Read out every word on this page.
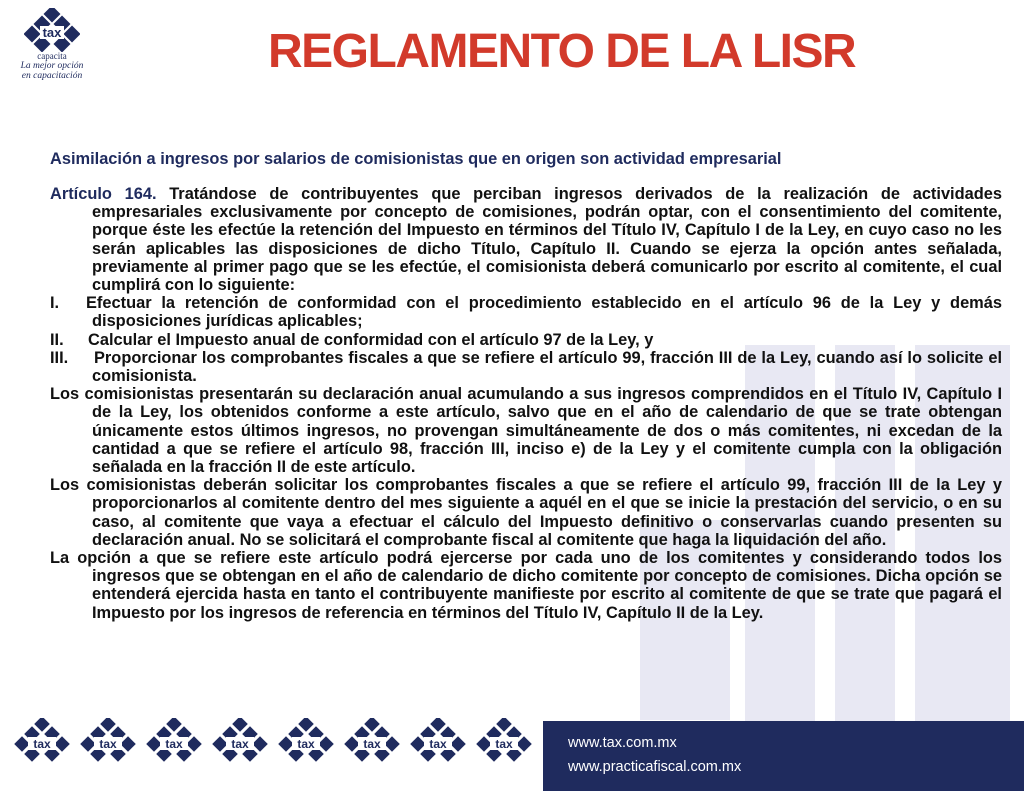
tax
capacita
La mejor opción
en capacitación	REGLAMENTO DE LA LISR

Asimilación a ingresos por salarios de comisionistas que en origen son actividad empresarial

Artículo 164. Tratándose de contribuyentes que perciban ingresos derivados de la realización de actividades empresariales exclusivamente por concepto de comisiones, podrán optar, con el consentimiento del comitente, porque éste les efectúe la retención del Impuesto en términos del Título IV, Capítulo I de la Ley, en cuyo caso no les serán aplicables las disposiciones de dicho Título, Capítulo II. Cuando se ejerza la opción antes señalada, previamente al primer pago que se les efectúe, el comisionista deberá comunicarlo por escrito al comitente, el cual cumplirá con lo siguiente:

I. Efectuar la retención de conformidad con el procedimiento establecido en el artículo 96 de la Ley y demás disposiciones jurídicas aplicables;

II. Calcular el Impuesto anual de conformidad con el artículo 97 de la Ley, y

III. Proporcionar los comprobantes fiscales a que se refiere el artículo 99, fracción III de la Ley, cuando así lo solicite el comisionista.

Los comisionistas presentarán su declaración anual acumulando a sus ingresos comprendidos en el Título IV, Capítulo I de la Ley, los obtenidos conforme a este artículo, salvo que en el año de calendario de que se trate obtengan únicamente estos últimos ingresos, no provengan simultáneamente de dos o más comitentes, ni excedan de la cantidad a que se refiere el artículo 98, fracción III, inciso e) de la Ley y el comitente cumpla con la obligación señalada en la fracción II de este artículo.

Los comisionistas deberán solicitar los comprobantes fiscales a que se refiere el artículo 99, fracción III de la Ley y proporcionarlos al comitente dentro del mes siguiente a aquél en el que se inicie la prestación del servicio, o en su caso, al comitente que vaya a efectuar el cálculo del Impuesto definitivo o conservarlas cuando presenten su declaración anual. No se solicitará el comprobante fiscal al comitente que haga la liquidación del año.

La opción a que se refiere este artículo podrá ejercerse por cada uno de los comitentes y considerando todos los ingresos que se obtengan en el año de calendario de dicho comitente por concepto de comisiones. Dicha opción se entenderá ejercida hasta en tanto el contribuyente manifieste por escrito al comitente de que se trate que pagará el Impuesto por los ingresos de referencia en términos del Título IV, Capítulo II de la Ley.

tax	tax	tax	tax	tax	tax	tax	tax	www.tax.com.mx
www.practicafiscal.com.mx
